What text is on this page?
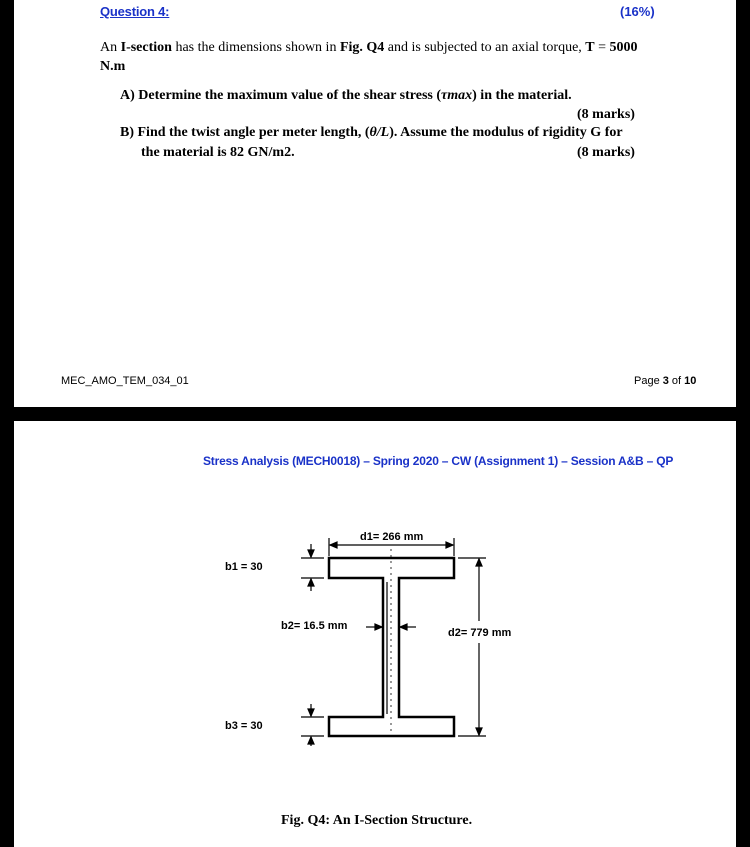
Question 4:	(16%)
An I-section has the dimensions shown in Fig. Q4 and is subjected to an axial torque, T = 5000 N.m
A) Determine the maximum value of the shear stress (τmax) in the material.
(8 marks)
B) Find the twist angle per meter length, (θ/L). Assume the modulus of rigidity G for
the material is 82 GN/m2.	(8 marks)
MEC_AMO_TEM_034_01	Page 3 of 10
Stress Analysis (MECH0018) – Spring 2020 – CW (Assignment 1) – Session A&B – QP
d1= 266 mm
b1 = 30
b2= 16.5 mm
d2= 779 mm
b3 = 30
Fig. Q4: An I-Section Structure.
